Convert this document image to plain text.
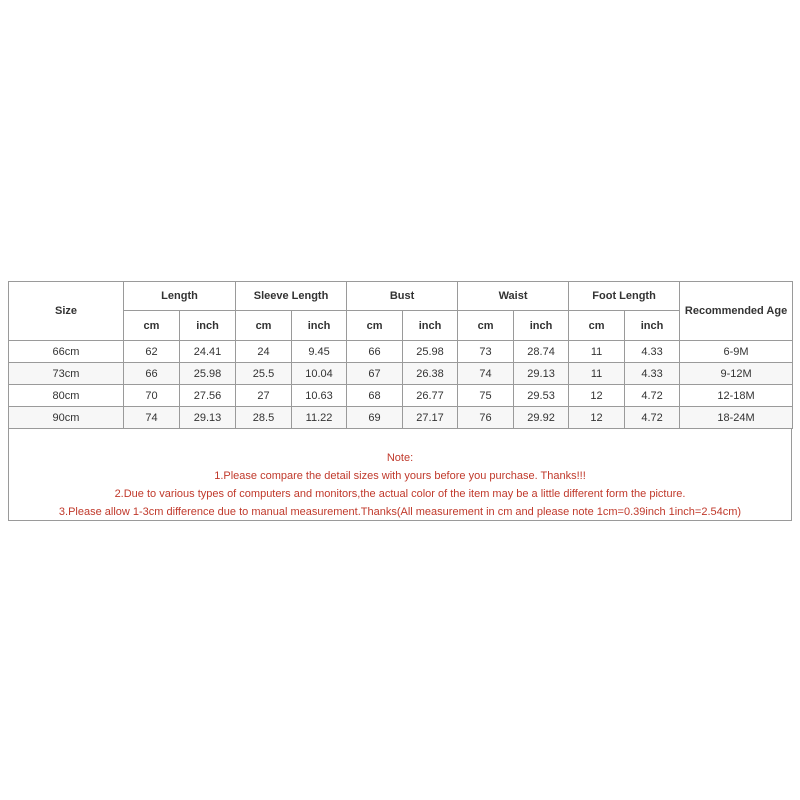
Size	Length		Sleeve Length		Bust		Waist		Foot Length		Recommended Age
	cm	inch	cm	inch	cm	inch	cm	inch	cm	inch	
66cm	62	24.41	24	9.45	66	25.98	73	28.74	11	4.33	6-9M
73cm	66	25.98	25.5	10.04	67	26.38	74	29.13	11	4.33	9-12M
80cm	70	27.56	27	10.63	68	26.77	75	29.53	12	4.72	12-18M
90cm	74	29.13	28.5	11.22	69	27.17	76	29.92	12	4.72	18-24M
Note:
1.Please compare the detail sizes with yours before you purchase. Thanks!!!
2.Due to various types of computers and monitors,the actual color of the item may be a little different form the picture.
3.Please allow 1-3cm difference due to manual measurement.Thanks(All measurement in cm and please note 1cm=0.39inch 1inch=2.54cm)
